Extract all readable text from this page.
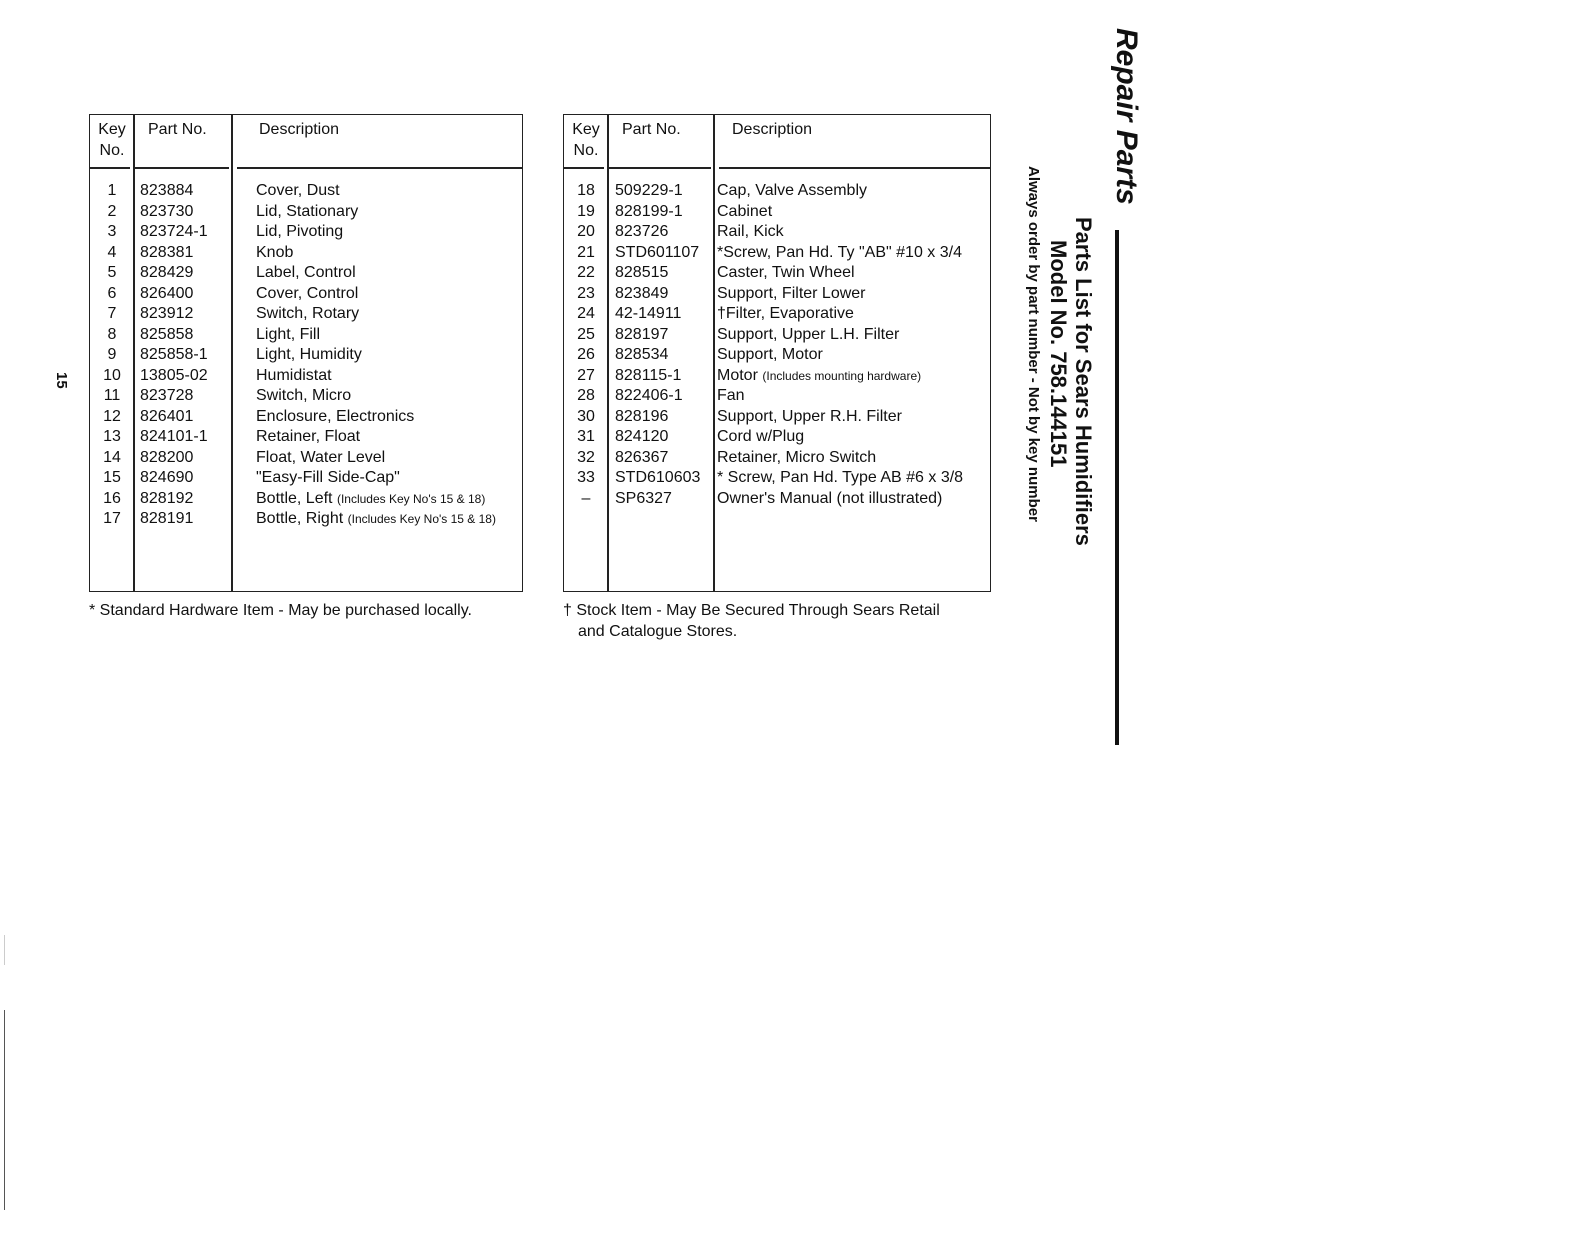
15
Key
No.
Part No.	Description
1	823884	Cover, Dust
2	823730	Lid, Stationary
3	823724-1	Lid, Pivoting
4	828381	Knob
5	828429	Label, Control
6	826400	Cover, Control
7	823912	Switch, Rotary
8	825858	Light, Fill
9	825858-1	Light, Humidity
10	13805-02	Humidistat
11	823728	Switch, Micro
12	826401	Enclosure, Electronics
13	824101-1	Retainer, Float
14	828200	Float, Water Level
15	824690	"Easy-Fill Side-Cap"
16	828192	Bottle, Left (Includes Key No's 15 & 18)
17	828191	Bottle, Right (Includes Key No's 15 & 18)
Key
No.
Part No.	Description
18	509229-1 Cap, Valve Assembly
19	828199-1 Cabinet
20	823726	Rail, Kick
21	STD601107 *Screw, Pan Hd. Ty "AB" #10 x 3/4
22	828515	Caster, Twin Wheel
23	823849	Support, Filter Lower
24	42-14911 †Filter, Evaporative
25	828197	Support, Upper L.H. Filter
26	828534	Support, Motor
27	828115-1 Motor (Includes mounting hardware)
28	822406-1 Fan
30	828196	Support, Upper R.H. Filter
31	824120	Cord w/Plug
32	826367	Retainer, Micro Switch
33	STD610603 * Screw, Pan Hd. Type AB #6 x 3/8
–	SP6327	Owner's Manual (not illustrated)
* Standard Hardware Item - May be purchased locally.	† Stock Item - May Be Secured Through Sears Retail
and Catalogue Stores.
Repair Parts
Parts List for Sears Humidifiers
Model No. 758.144151
Always order by part number - Not by key number
